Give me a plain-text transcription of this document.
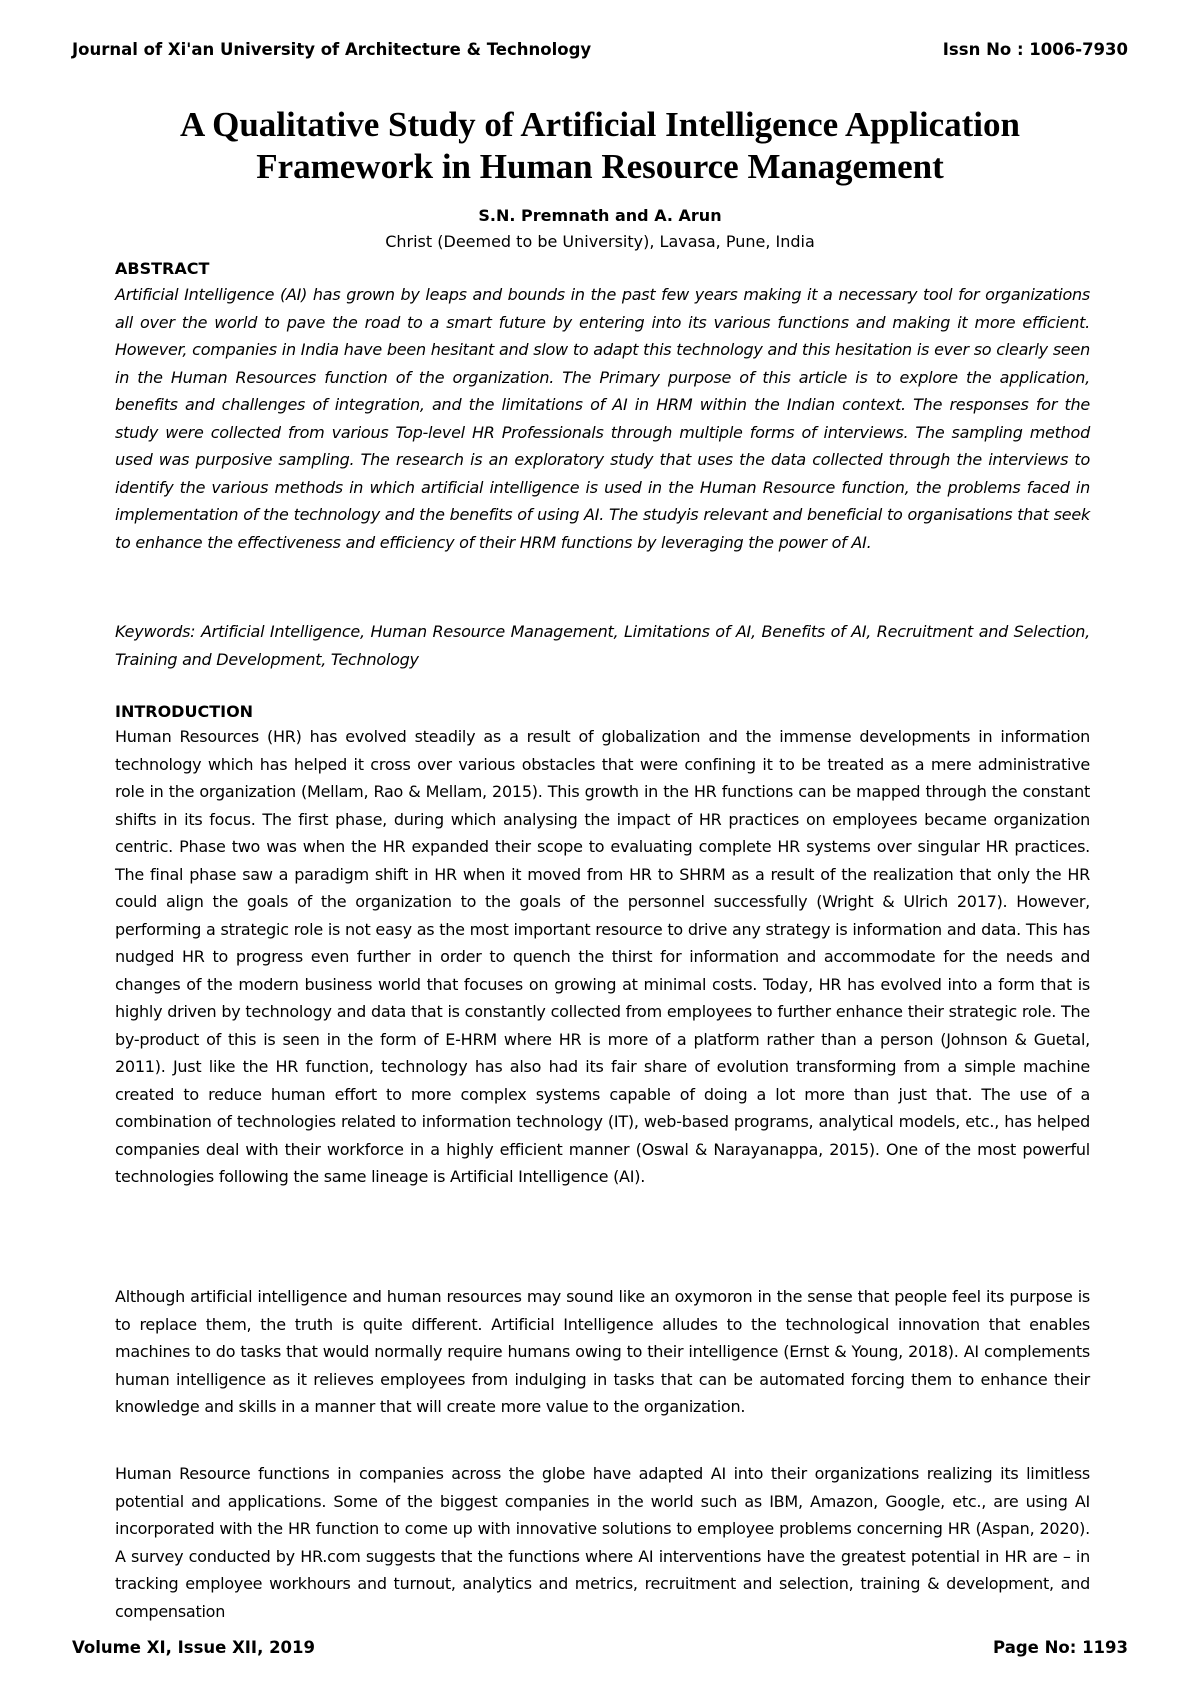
Journal of Xi'an University of Architecture & Technology	Issn No : 1006-7930
A Qualitative Study of Artificial Intelligence Application
Framework in Human Resource Management
S.N. Premnath and A. Arun
Christ (Deemed to be University), Lavasa, Pune, India
ABSTRACT
Artificial Intelligence (AI) has grown by leaps and bounds in the past few years making it a necessary tool for organizations all over the world to pave the road to a smart future by entering into its various functions and making it more efficient. However, companies in India have been hesitant and slow to adapt this technology and this hesitation is ever so clearly seen in the Human Resources function of the organization. The Primary purpose of this article is to explore the application, benefits and challenges of integration, and the limitations of AI in HRM within the Indian context. The responses for the study were collected from various Top-level HR Professionals through multiple forms of interviews. The sampling method used was purposive sampling. The research is an exploratory study that uses the data collected through the interviews to identify the various methods in which artificial intelligence is used in the Human Resource function, the problems faced in implementation of the technology and the benefits of using AI. The studyis relevant and beneficial to organisations that seek to enhance the effectiveness and efficiency of their HRM functions by leveraging the power of AI.
Keywords: Artificial Intelligence, Human Resource Management, Limitations of AI, Benefits of AI, Recruitment and Selection, Training and Development, Technology
INTRODUCTION
Human Resources (HR) has evolved steadily as a result of globalization and the immense developments in information technology which has helped it cross over various obstacles that were confining it to be treated as a mere administrative role in the organization (Mellam, Rao & Mellam, 2015). This growth in the HR functions can be mapped through the constant shifts in its focus. The first phase, during which analysing the impact of HR practices on employees became organization centric. Phase two was when the HR expanded their scope to evaluating complete HR systems over singular HR practices. The final phase saw a paradigm shift in HR when it moved from HR to SHRM as a result of the realization that only the HR could align the goals of the organization to the goals of the personnel successfully (Wright & Ulrich 2017). However, performing a strategic role is not easy as the most important resource to drive any strategy is information and data. This has nudged HR to progress even further in order to quench the thirst for information and accommodate for the needs and changes of the modern business world that focuses on growing at minimal costs. Today, HR has evolved into a form that is highly driven by technology and data that is constantly collected from employees to further enhance their strategic role. The by-product of this is seen in the form of E-HRM where HR is more of a platform rather than a person (Johnson & Guetal, 2011). Just like the HR function, technology has also had its fair share of evolution transforming from a simple machine created to reduce human effort to more complex systems capable of doing a lot more than just that. The use of a combination of technologies related to information technology (IT), web-based programs, analytical models, etc., has helped companies deal with their workforce in a highly efficient manner (Oswal & Narayanappa, 2015). One of the most powerful technologies following the same lineage is Artificial Intelligence (AI).
Although artificial intelligence and human resources may sound like an oxymoron in the sense that people feel its purpose is to replace them, the truth is quite different. Artificial Intelligence alludes to the technological innovation that enables machines to do tasks that would normally require humans owing to their intelligence (Ernst & Young, 2018). AI complements human intelligence as it relieves employees from indulging in tasks that can be automated forcing them to enhance their knowledge and skills in a manner that will create more value to the organization.
Human Resource functions in companies across the globe have adapted AI into their organizations realizing its limitless potential and applications. Some of the biggest companies in the world such as IBM, Amazon, Google, etc., are using AI incorporated with the HR function to come up with innovative solutions to employee problems concerning HR (Aspan, 2020). A survey conducted by HR.com suggests that the functions where AI interventions have the greatest potential in HR are – in tracking employee workhours and turnout, analytics and metrics, recruitment and selection, training & development, and compensation
Volume XI, Issue XII, 2019	Page No: 1193
